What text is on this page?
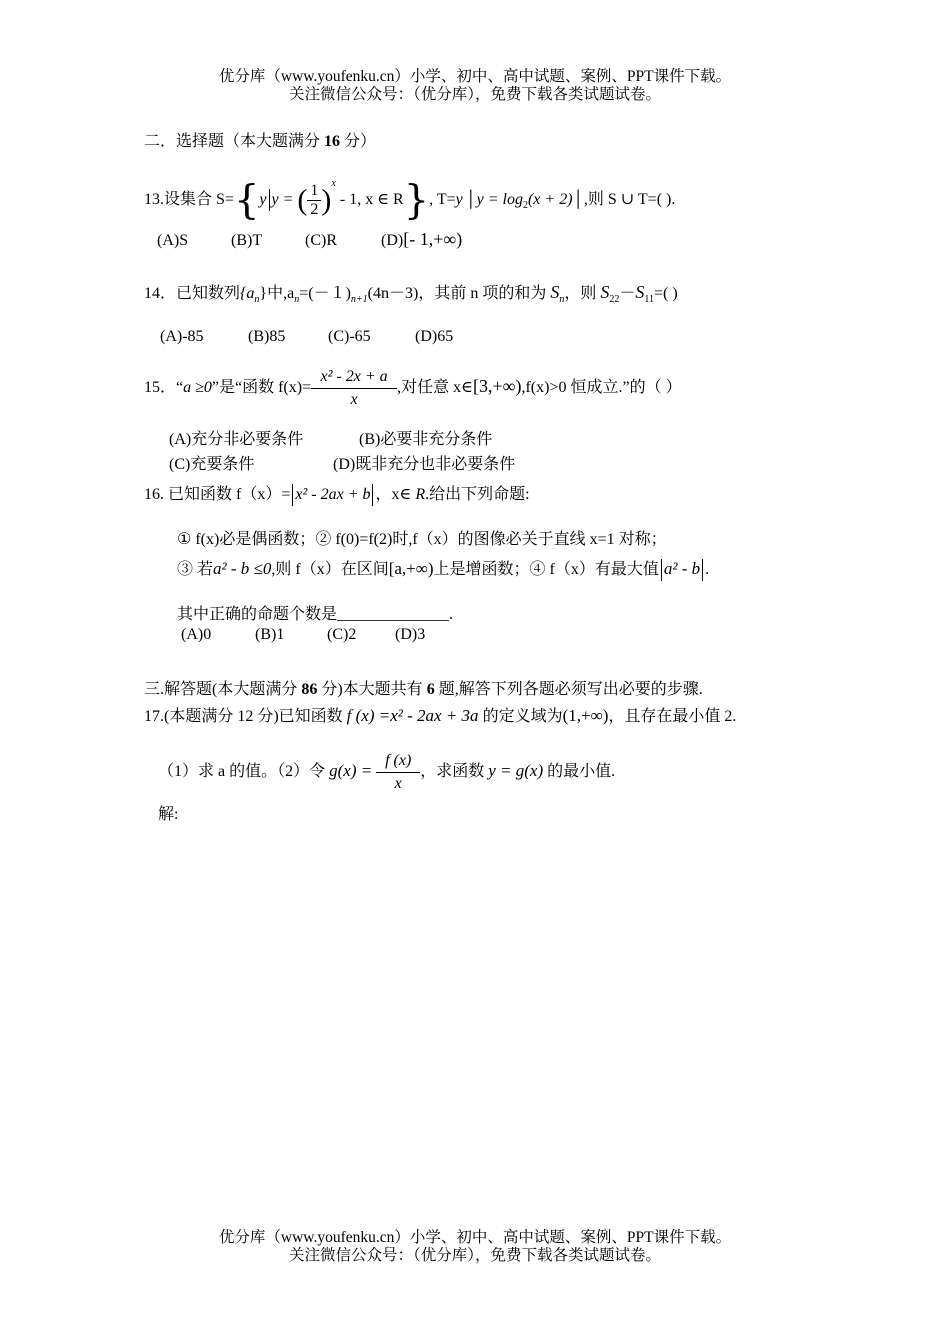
优分库（www.youfenku.cn）小学、初中、高中试题、案例、PPT课件下载。
关注微信公众号：（优分库），免费下载各类试题试卷。
二．选择题（本大题满分 16 分）
13.设集合 S={y y = ( $\frac{1}{2} )^x - 1$, x ∈ R}, T=y │y = $\log_2(x$ + 2)│,则 S ∪ T=( ).
(A)S	(B)T	(C)R	(D)[- 1,+∞)
14．已知数列$\{a_n\}$中$,a_n=(-1)_{n+1}(4n-3)$，其前 n 项的和为 $S_n$，则 $S_{22}-S_{11}=$( )
(A)-85	(B)85	(C)-65	(D)65
15．“a ≥0”是“函数 $f(x)= \frac{\text{x² - 2x + a}}{x}$ ,对任意 x∈[3,+∞),f(x)>0 恒成立.”的（ ）
(A)充分非必要条件	(B)必要非充分条件
(C)充要条件	(D)既非充分也非必要条件
16. 已知函数 f（x）= x² - 2ax + b ，x∈ R.给出下列命题:
① f(x)必是偶函数；② f(0)=f(2)时,f（x）的图像必关于直线 x=1 对称；
③ 若a² - b ≤0,则 f（x）在区间[a,+∞)上是增函数；④ f（x）有最大值 a² - b .
其中正确的命题个数是______________.
(A)0	(B)1	(C)2 (D)3
三.解答题(本大题满分 86 分)本大题共有 6 题,解答下列各题必须写出必要的步骤.
17.(本题满分 12 分)已知函数 f (x) =x² - 2ax + 3a 的定义域为(1,+∞)，且存在最小值 2.
（1）求 a 的值。（2）令 $g(x) = \frac{f (x)}{x}$ ，求函数 y = g(x) 的最小值.
解:
优分库（www.youfenku.cn）小学、初中、高中试题、案例、PPT课件下载。
关注微信公众号：（优分库），免费下载各类试题试卷。
